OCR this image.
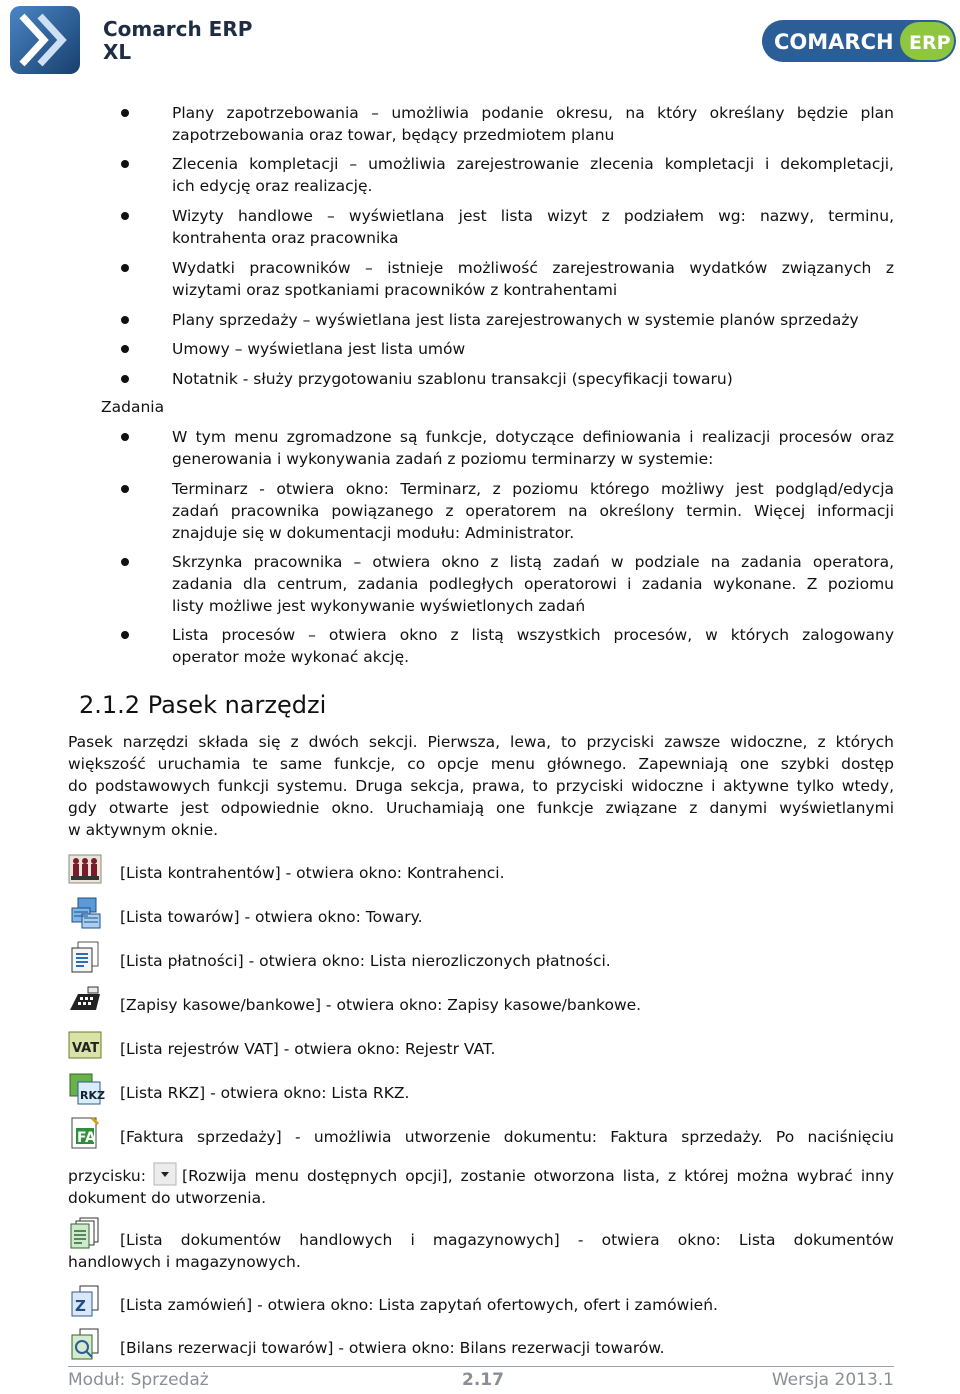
Comarch ERP
XL	COMARCH ERP
Plany zapotrzebowania – umożliwia podanie okresu, na który określany będzie plan
zapotrzebowania oraz towar, będący przedmiotem planu
Zlecenia kompletacji – umożliwia zarejestrowanie zlecenia kompletacji i dekompletacji,
ich edycję oraz realizację.
Wizyty handlowe – wyświetlana jest lista wizyt z podziałem wg: nazwy, terminu,
kontrahenta oraz pracownika
Wydatki pracowników – istnieje możliwość zarejestrowania wydatków związanych z
wizytami oraz spotkaniami pracowników z kontrahentami
Plany sprzedaży – wyświetlana jest lista zarejestrowanych w systemie planów sprzedaży
Umowy – wyświetlana jest lista umów
Notatnik - służy przygotowaniu szablonu transakcji (specyfikacji towaru)
Zadania
W tym menu zgromadzone są funkcje, dotyczące definiowania i realizacji procesów oraz
generowania i wykonywania zadań z poziomu terminarzy w systemie:
Terminarz - otwiera okno: Terminarz, z poziomu którego możliwy jest podgląd/edycja
zadań pracownika powiązanego z operatorem na określony termin. Więcej informacji
znajduje się w dokumentacji modułu: Administrator.
Skrzynka pracownika – otwiera okno z listą zadań w podziale na zadania operatora,
zadania dla centrum, zadania podległych operatorowi i zadania wykonane. Z poziomu
listy możliwe jest wykonywanie wyświetlonych zadań
Lista procesów – otwiera okno z listą wszystkich procesów, w których zalogowany
operator może wykonać akcję.
2.1.2 Pasek narzędzi
Pasek narzędzi składa się z dwóch sekcji. Pierwsza, lewa, to przyciski zawsze widoczne, z których
większość uruchamia te same funkcje, co opcje menu głównego. Zapewniają one szybki dostęp
do podstawowych funkcji systemu. Druga sekcja, prawa, to przyciski widoczne i aktywne tylko wtedy,
gdy otwarte jest odpowiednie okno. Uruchamiają one funkcje związane z danymi wyświetlanymi
w aktywnym oknie.
[Lista kontrahentów] - otwiera okno: Kontrahenci.
[Lista towarów] - otwiera okno: Towary.
[Lista płatności] - otwiera okno: Lista nierozliczonych płatności.
[Zapisy kasowe/bankowe] - otwiera okno: Zapisy kasowe/bankowe.
VAT [Lista rejestrów VAT] - otwiera okno: Rejestr VAT.
RKZ [Lista RKZ] - otwiera okno: Lista RKZ.
FA [Faktura sprzedaży] - umożliwia utworzenie dokumentu: Faktura sprzedaży. Po naciśnięciu
przycisku: [Rozwija menu dostępnych opcji], zostanie otworzona lista, z której można wybrać inny
dokument do utworzenia.
[Lista dokumentów handlowych i magazynowych] - otwiera okno: Lista dokumentów
handlowych i magazynowych.
Z [Lista zamówień] - otwiera okno: Lista zapytań ofertowych, ofert i zamówień.
[Bilans rezerwacji towarów] - otwiera okno: Bilans rezerwacji towarów.
Moduł: Sprzedaż	2.17	Wersja 2013.1
